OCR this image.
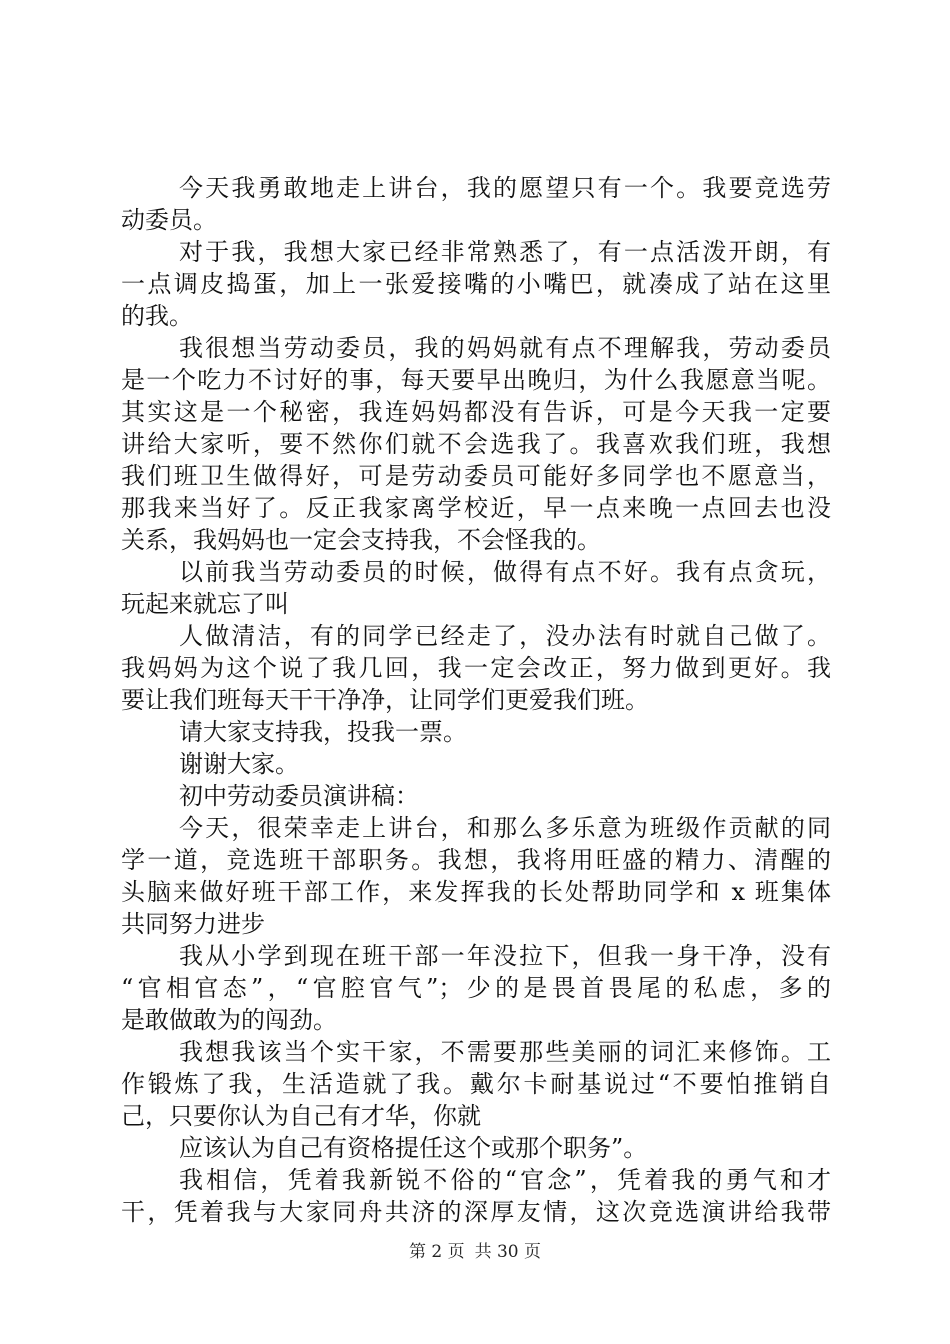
今天我勇敢地走上讲台，我的愿望只有一个。我要竞选劳
动委员。
对于我，我想大家已经非常熟悉了，有一点活泼开朗，有
一点调皮捣蛋，加上一张爱接嘴的小嘴巴，就凑成了站在这里
的我。
我很想当劳动委员，我的妈妈就有点不理解我，劳动委员
是一个吃力不讨好的事，每天要早出晚归，为什么我愿意当呢。
其实这是一个秘密，我连妈妈都没有告诉，可是今天我一定要
讲给大家听，要不然你们就不会选我了。我喜欢我们班，我想
我们班卫生做得好，可是劳动委员可能好多同学也不愿意当，
那我来当好了。反正我家离学校近，早一点来晚一点回去也没
关系，我妈妈也一定会支持我，不会怪我的。
以前我当劳动委员的时候，做得有点不好。我有点贪玩，
玩起来就忘了叫
人做清洁，有的同学已经走了，没办法有时就自己做了。
我妈妈为这个说了我几回，我一定会改正，努力做到更好。我
要让我们班每天干干净净，让同学们更爱我们班。
请大家支持我，投我一票。
谢谢大家。
初中劳动委员演讲稿：
今天，很荣幸走上讲台，和那么多乐意为班级作贡献的同
学一道，竞选班干部职务。我想，我将用旺盛的精力、清醒的
头脑来做好班干部工作，来发挥我的长处帮助同学和 x 班集体
共同努力进步
我从小学到现在班干部一年没拉下，但我一身干净，没有
“官相官态”，“官腔官气”；少的是畏首畏尾的私虑，多的
是敢做敢为的闯劲。
我想我该当个实干家，不需要那些美丽的词汇来修饰。工
作锻炼了我，生活造就了我。戴尔卡耐基说过“不要怕推销自
己，只要你认为自己有才华，你就
应该认为自己有资格提任这个或那个职务”。
我相信，凭着我新锐不俗的“官念”，凭着我的勇气和才
干，凭着我与大家同舟共济的深厚友情，这次竞选演讲给我带
第 2 页 共 30 页
